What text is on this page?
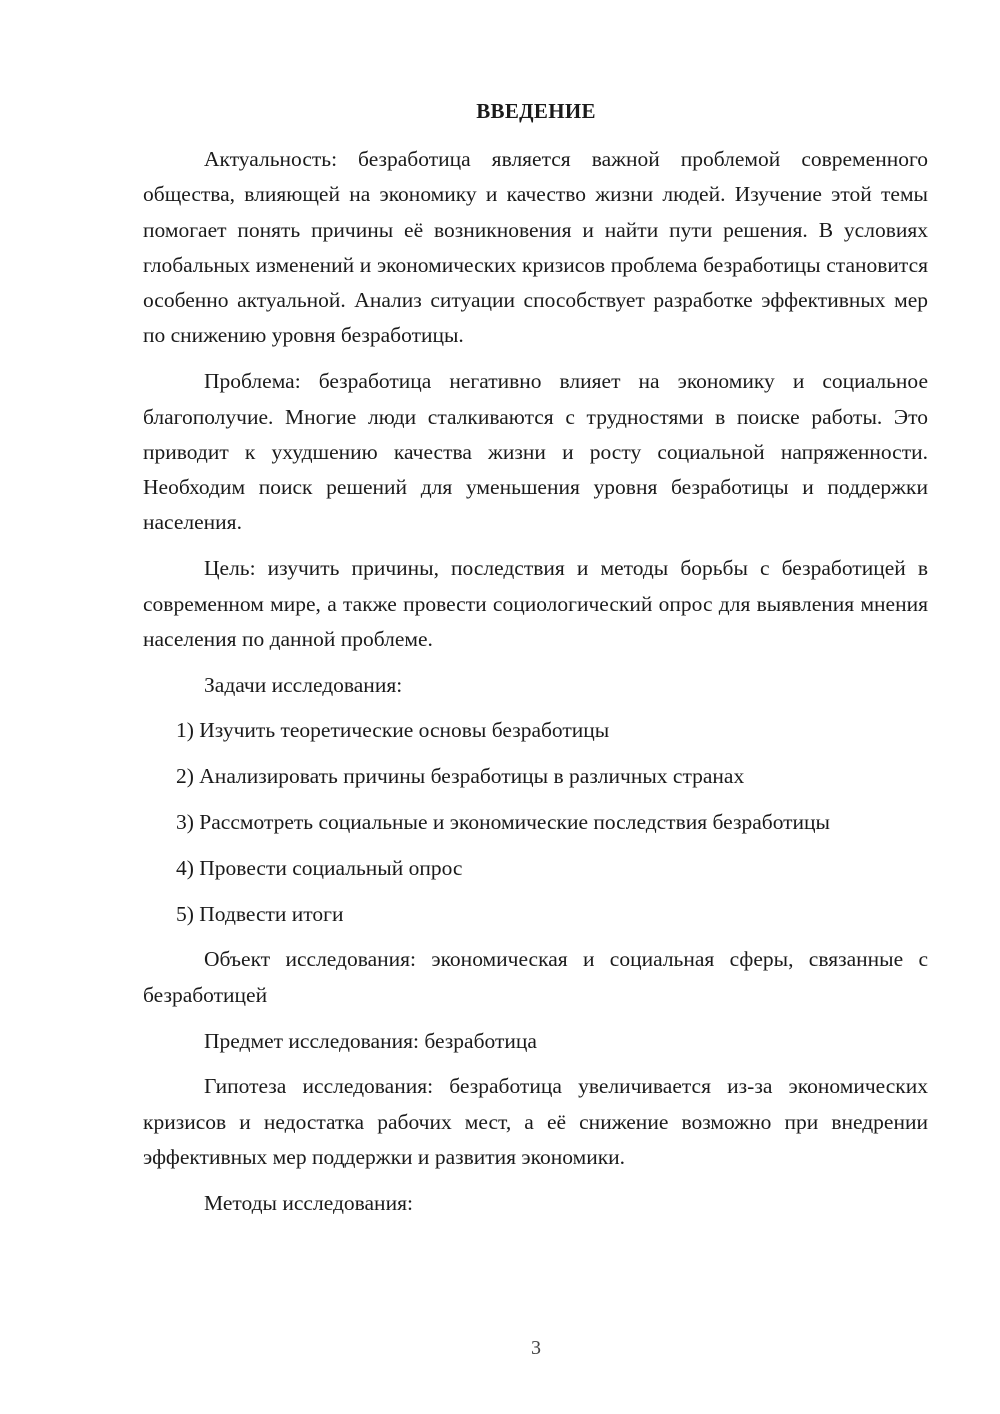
ВВЕДЕНИЕ

Актуальность: безработица является важной проблемой современного общества, влияющей на экономику и качество жизни людей. Изучение этой темы помогает понять причины её возникновения и найти пути решения. В условиях глобальных изменений и экономических кризисов проблема безработицы становится особенно актуальной. Анализ ситуации способствует разработке эффективных мер по снижению уровня безработицы.

Проблема: безработица негативно влияет на экономику и социальное благополучие. Многие люди сталкиваются с трудностями в поиске работы. Это приводит к ухудшению качества жизни и росту социальной напряженности. Необходим поиск решений для уменьшения уровня безработицы и поддержки населения.

Цель: изучить причины, последствия и методы борьбы с безработицей в современном мире, а также провести социологический опрос для выявления мнения населения по данной проблеме.

Задачи исследования:

1) Изучить теоретические основы безработицы
2) Анализировать причины безработицы в различных странах
3) Рассмотреть социальные и экономические последствия безработицы
4) Провести социальный опрос
5) Подвести итоги

Объект исследования: экономическая и социальная сферы, связанные с безработицей

Предмет исследования: безработица

Гипотеза исследования: безработица увеличивается из-за экономических кризисов и недостатка рабочих мест, а её снижение возможно при внедрении эффективных мер поддержки и развития экономики.

Методы исследования:

3
